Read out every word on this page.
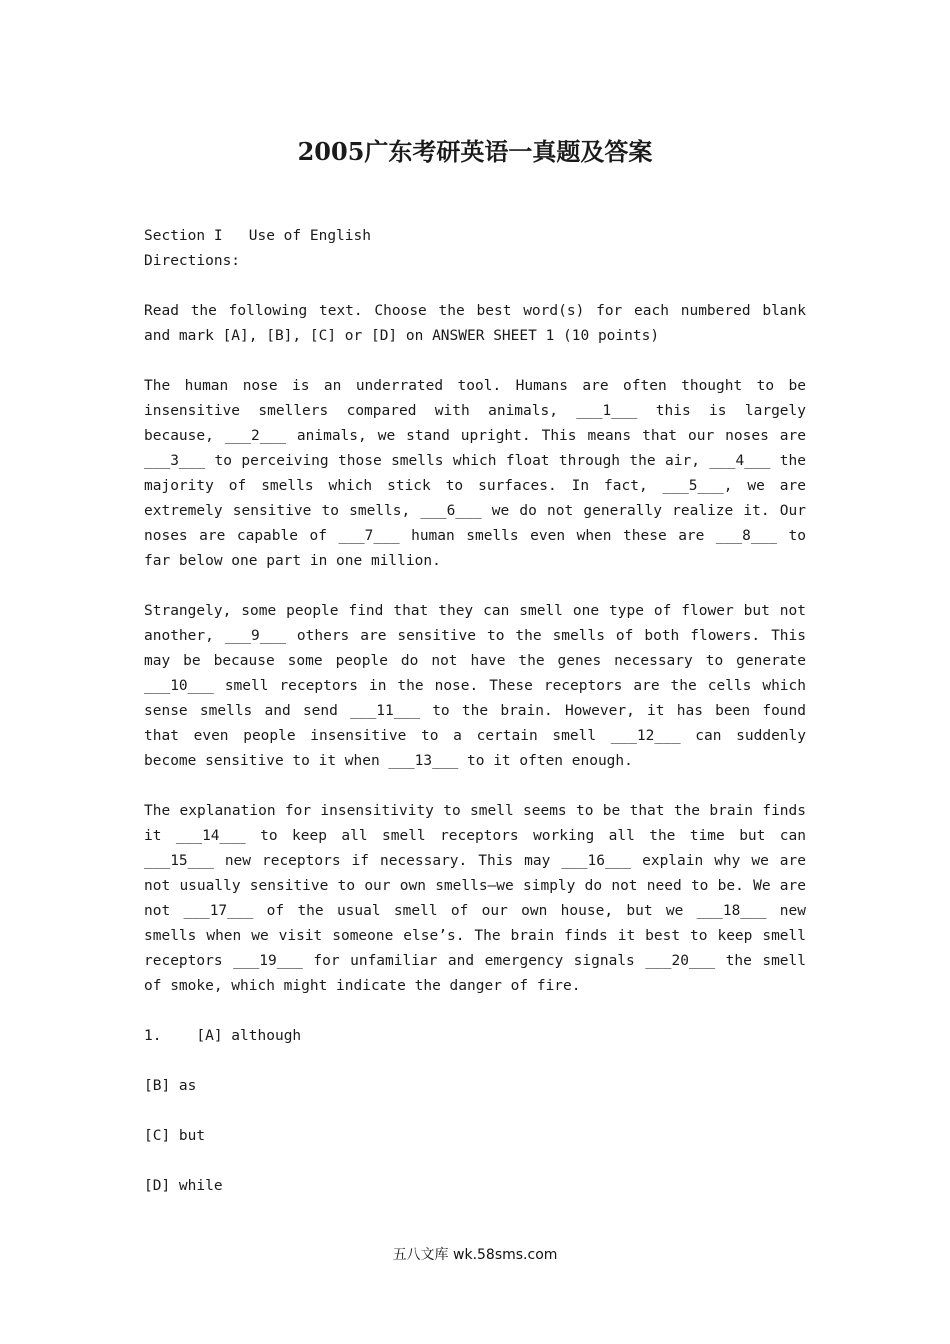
2005广东考研英语一真题及答案

Section I   Use of English

Directions:

Read the following text. Choose the best word(s) for each numbered blank and mark [A], [B], [C] or [D] on ANSWER SHEET 1 (10 points)

The human nose is an underrated tool. Humans are often thought to be insensitive smellers compared with animals, ___1___ this is largely because, ___2___ animals, we stand upright. This means that our noses are ___3___ to perceiving those smells which float through the air, ___4___ the majority of smells which stick to surfaces. In fact, ___5___, we are extremely sensitive to smells, ___6___ we do not generally realize it. Our noses are capable of ___7___ human smells even when these are ___8___ to far below one part in one million.

Strangely, some people find that they can smell one type of flower but not another, ___9___ others are sensitive to the smells of both flowers. This may be because some people do not have the genes necessary to generate ___10___ smell receptors in the nose. These receptors are the cells which sense smells and send ___11___ to the brain. However, it has been found that even people insensitive to a certain smell ___12___ can suddenly become sensitive to it when ___13___ to it often enough.

The explanation for insensitivity to smell seems to be that the brain finds it ___14___ to keep all smell receptors working all the time but can ___15___ new receptors if necessary. This may ___16___ explain why we are not usually sensitive to our own smells—we simply do not need to be. We are not ___17___ of the usual smell of our own house, but we ___18___ new smells when we visit someone else’s. The brain finds it best to keep smell receptors ___19___ for unfamiliar and emergency signals ___20___ the smell of smoke, which might indicate the danger of fire.

1. [A] although

[B] as

[C] but

[D] while

五八文库 wk.58sms.com
